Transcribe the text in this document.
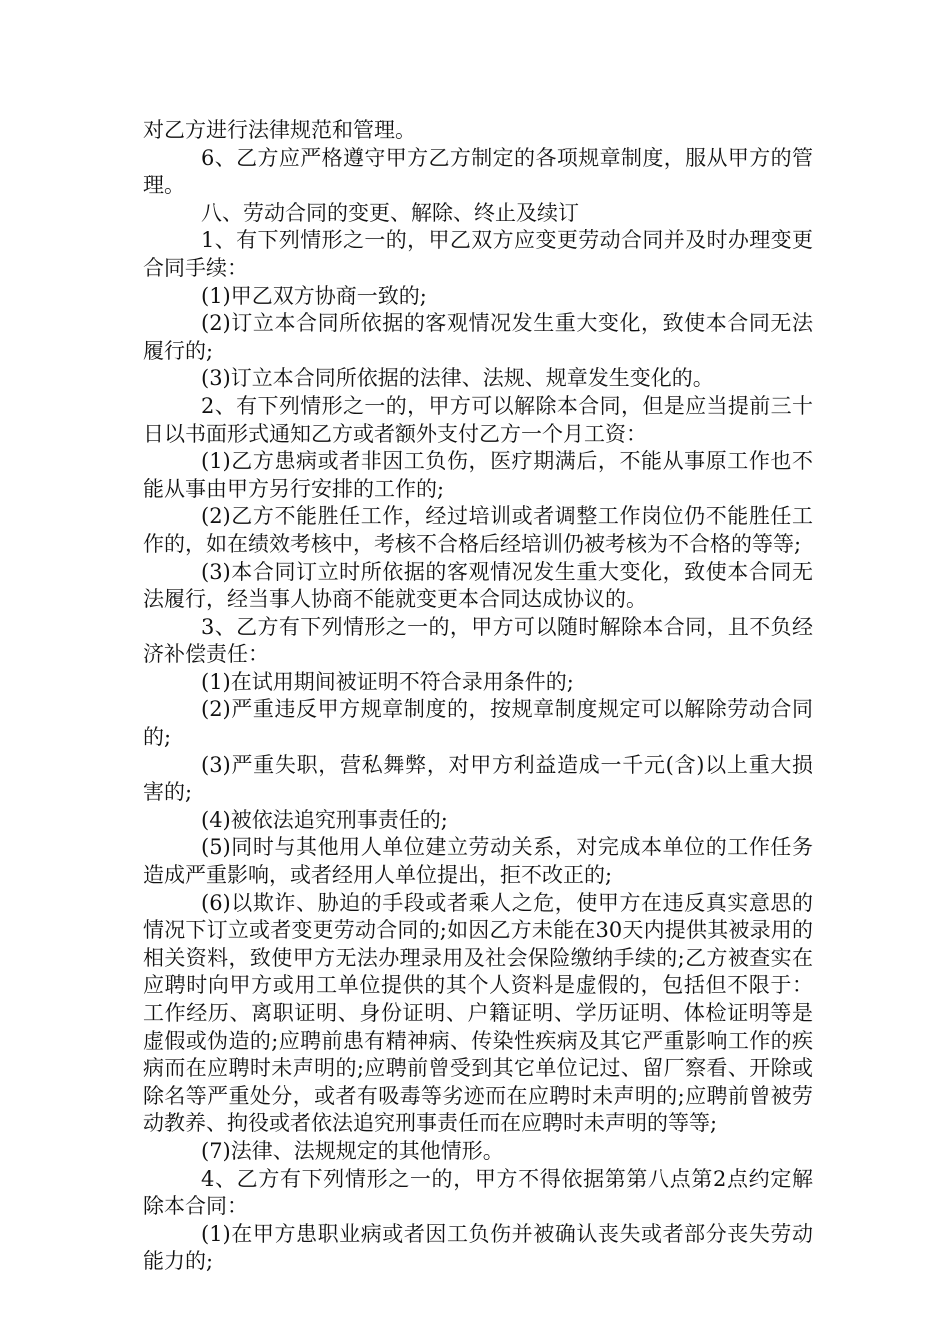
对乙方进行法律规范和管理。

6、乙方应严格遵守甲方乙方制定的各项规章制度，服从甲方的管理。

八、劳动合同的变更、解除、终止及续订

1、有下列情形之一的，甲乙双方应变更劳动合同并及时办理变更合同手续：

(1)甲乙双方协商一致的;

(2)订立本合同所依据的客观情况发生重大变化，致使本合同无法履行的;

(3)订立本合同所依据的法律、法规、规章发生变化的。

2、有下列情形之一的，甲方可以解除本合同，但是应当提前三十日以书面形式通知乙方或者额外支付乙方一个月工资：

(1)乙方患病或者非因工负伤，医疗期满后，不能从事原工作也不能从事由甲方另行安排的工作的;

(2)乙方不能胜任工作，经过培训或者调整工作岗位仍不能胜任工作的，如在绩效考核中，考核不合格后经培训仍被考核为不合格的等等;

(3)本合同订立时所依据的客观情况发生重大变化，致使本合同无法履行，经当事人协商不能就变更本合同达成协议的。

3、乙方有下列情形之一的，甲方可以随时解除本合同，且不负经济补偿责任：

(1)在试用期间被证明不符合录用条件的;

(2)严重违反甲方规章制度的，按规章制度规定可以解除劳动合同的;

(3)严重失职，营私舞弊，对甲方利益造成一千元(含)以上重大损害的;

(4)被依法追究刑事责任的;

(5)同时与其他用人单位建立劳动关系，对完成本单位的工作任务造成严重影响，或者经用人单位提出，拒不改正的;

(6)以欺诈、胁迫的手段或者乘人之危，使甲方在违反真实意思的情况下订立或者变更劳动合同的;如因乙方未能在30天内提供其被录用的相关资料，致使甲方无法办理录用及社会保险缴纳手续的;乙方被查实在应聘时向甲方或用工单位提供的其个人资料是虚假的，包括但不限于：工作经历、离职证明、身份证明、户籍证明、学历证明、体检证明等是虚假或伪造的;应聘前患有精神病、传染性疾病及其它严重影响工作的疾病而在应聘时未声明的;应聘前曾受到其它单位记过、留厂察看、开除或除名等严重处分，或者有吸毒等劣迹而在应聘时未声明的;应聘前曾被劳动教养、拘役或者依法追究刑事责任而在应聘时未声明的等等;

(7)法律、法规规定的其他情形。

4、乙方有下列情形之一的，甲方不得依据第第八点第2点约定解除本合同：

(1)在甲方患职业病或者因工负伤并被确认丧失或者部分丧失劳动能力的;
